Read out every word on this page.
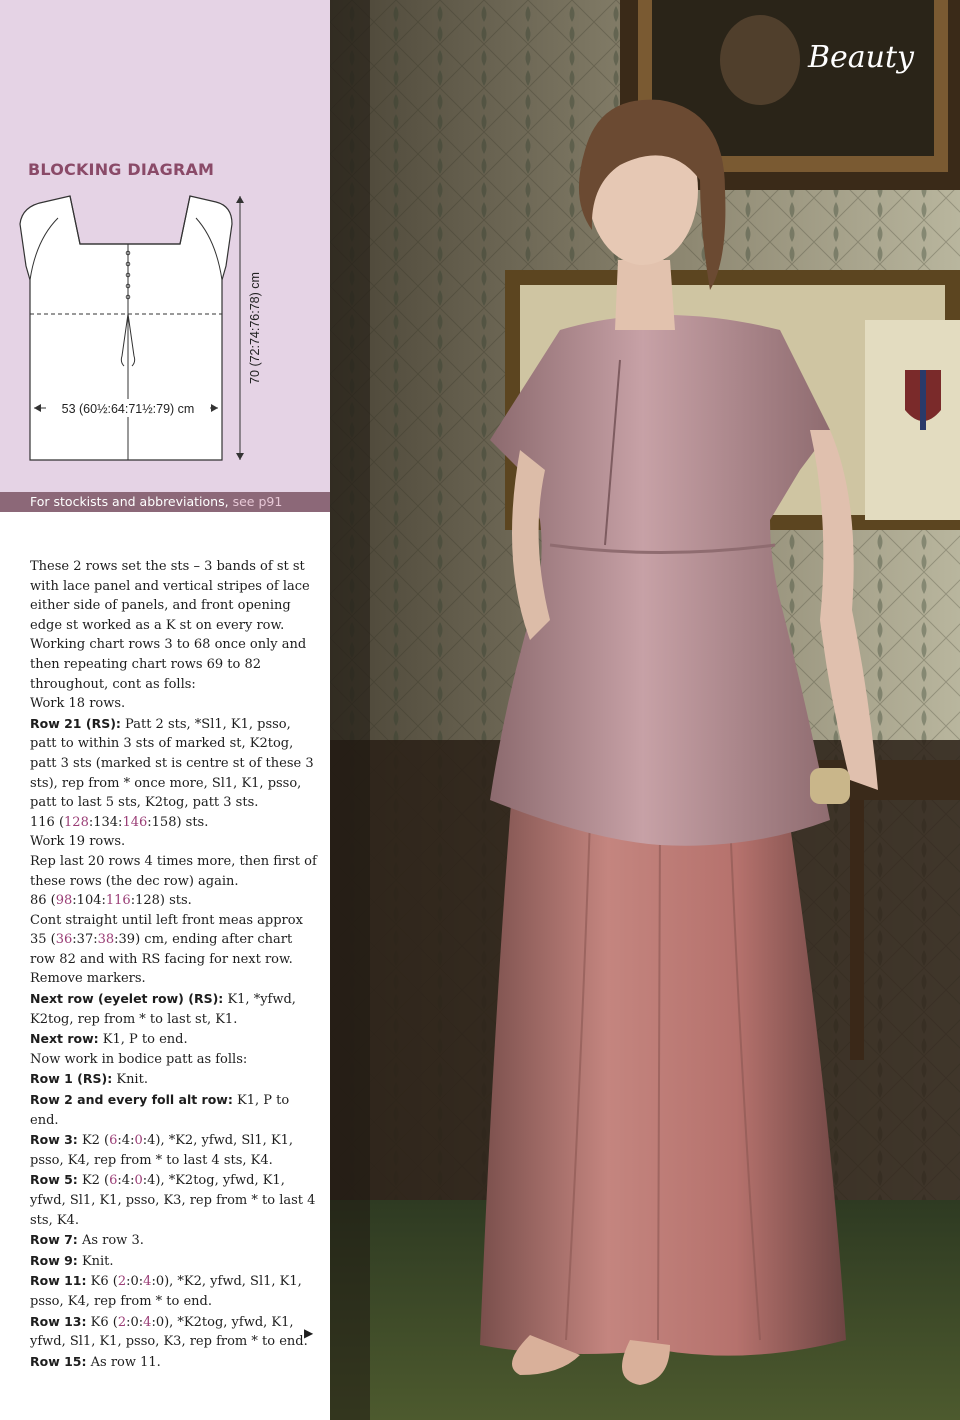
BLOCKING DIAGRAM
53 (60½:64:71½:79) cm
70 (72:74:76:78) cm
For stockists and abbreviations, see p91

These 2 rows set the sts – 3 bands of st st with lace panel and vertical stripes of lace either side of panels, and front opening edge st worked as a K st on every row.

Working chart rows 3 to 68 once only and then repeating chart rows 69 to 82 throughout, cont as folls:

Work 18 rows.

Row 21 (RS): Patt 2 sts, *Sl1, K1, psso, patt to within 3 sts of marked st, K2tog, patt 3 sts (marked st is centre st of these 3 sts), rep from * once more, Sl1, K1, psso, patt to last 5 sts, K2tog, patt 3 sts.

116 (128:134:146:158) sts.

Work 19 rows.

Rep last 20 rows 4 times more, then first of these rows (the dec row) again.

86 (98:104:116:128) sts.

Cont straight until left front meas approx 35 (36:37:38:39) cm, ending after chart row 82 and with RS facing for next row.

Remove markers.

Next row (eyelet row) (RS): K1, *yfwd, K2tog, rep from * to last st, K1.

Next row: K1, P to end.

Now work in bodice patt as folls:

Row 1 (RS): Knit.

Row 2 and every foll alt row: K1, P to end.

Row 3: K2 (6:4:0:4), *K2, yfwd, Sl1, K1, psso, K4, rep from * to last 4 sts, K4.

Row 5: K2 (6:4:0:4), *K2tog, yfwd, K1, yfwd, Sl1, K1, psso, K3, rep from * to last 4 sts, K4.

Row 7: As row 3.

Row 9: Knit.

Row 11: K6 (2:0:4:0), *K2, yfwd, Sl1, K1, psso, K4, rep from * to end.

Row 13: K6 (2:0:4:0), *K2tog, yfwd, K1, yfwd, Sl1, K1, psso, K3, rep from * to end.

Row 15: As row 11.

▶
Beauty
